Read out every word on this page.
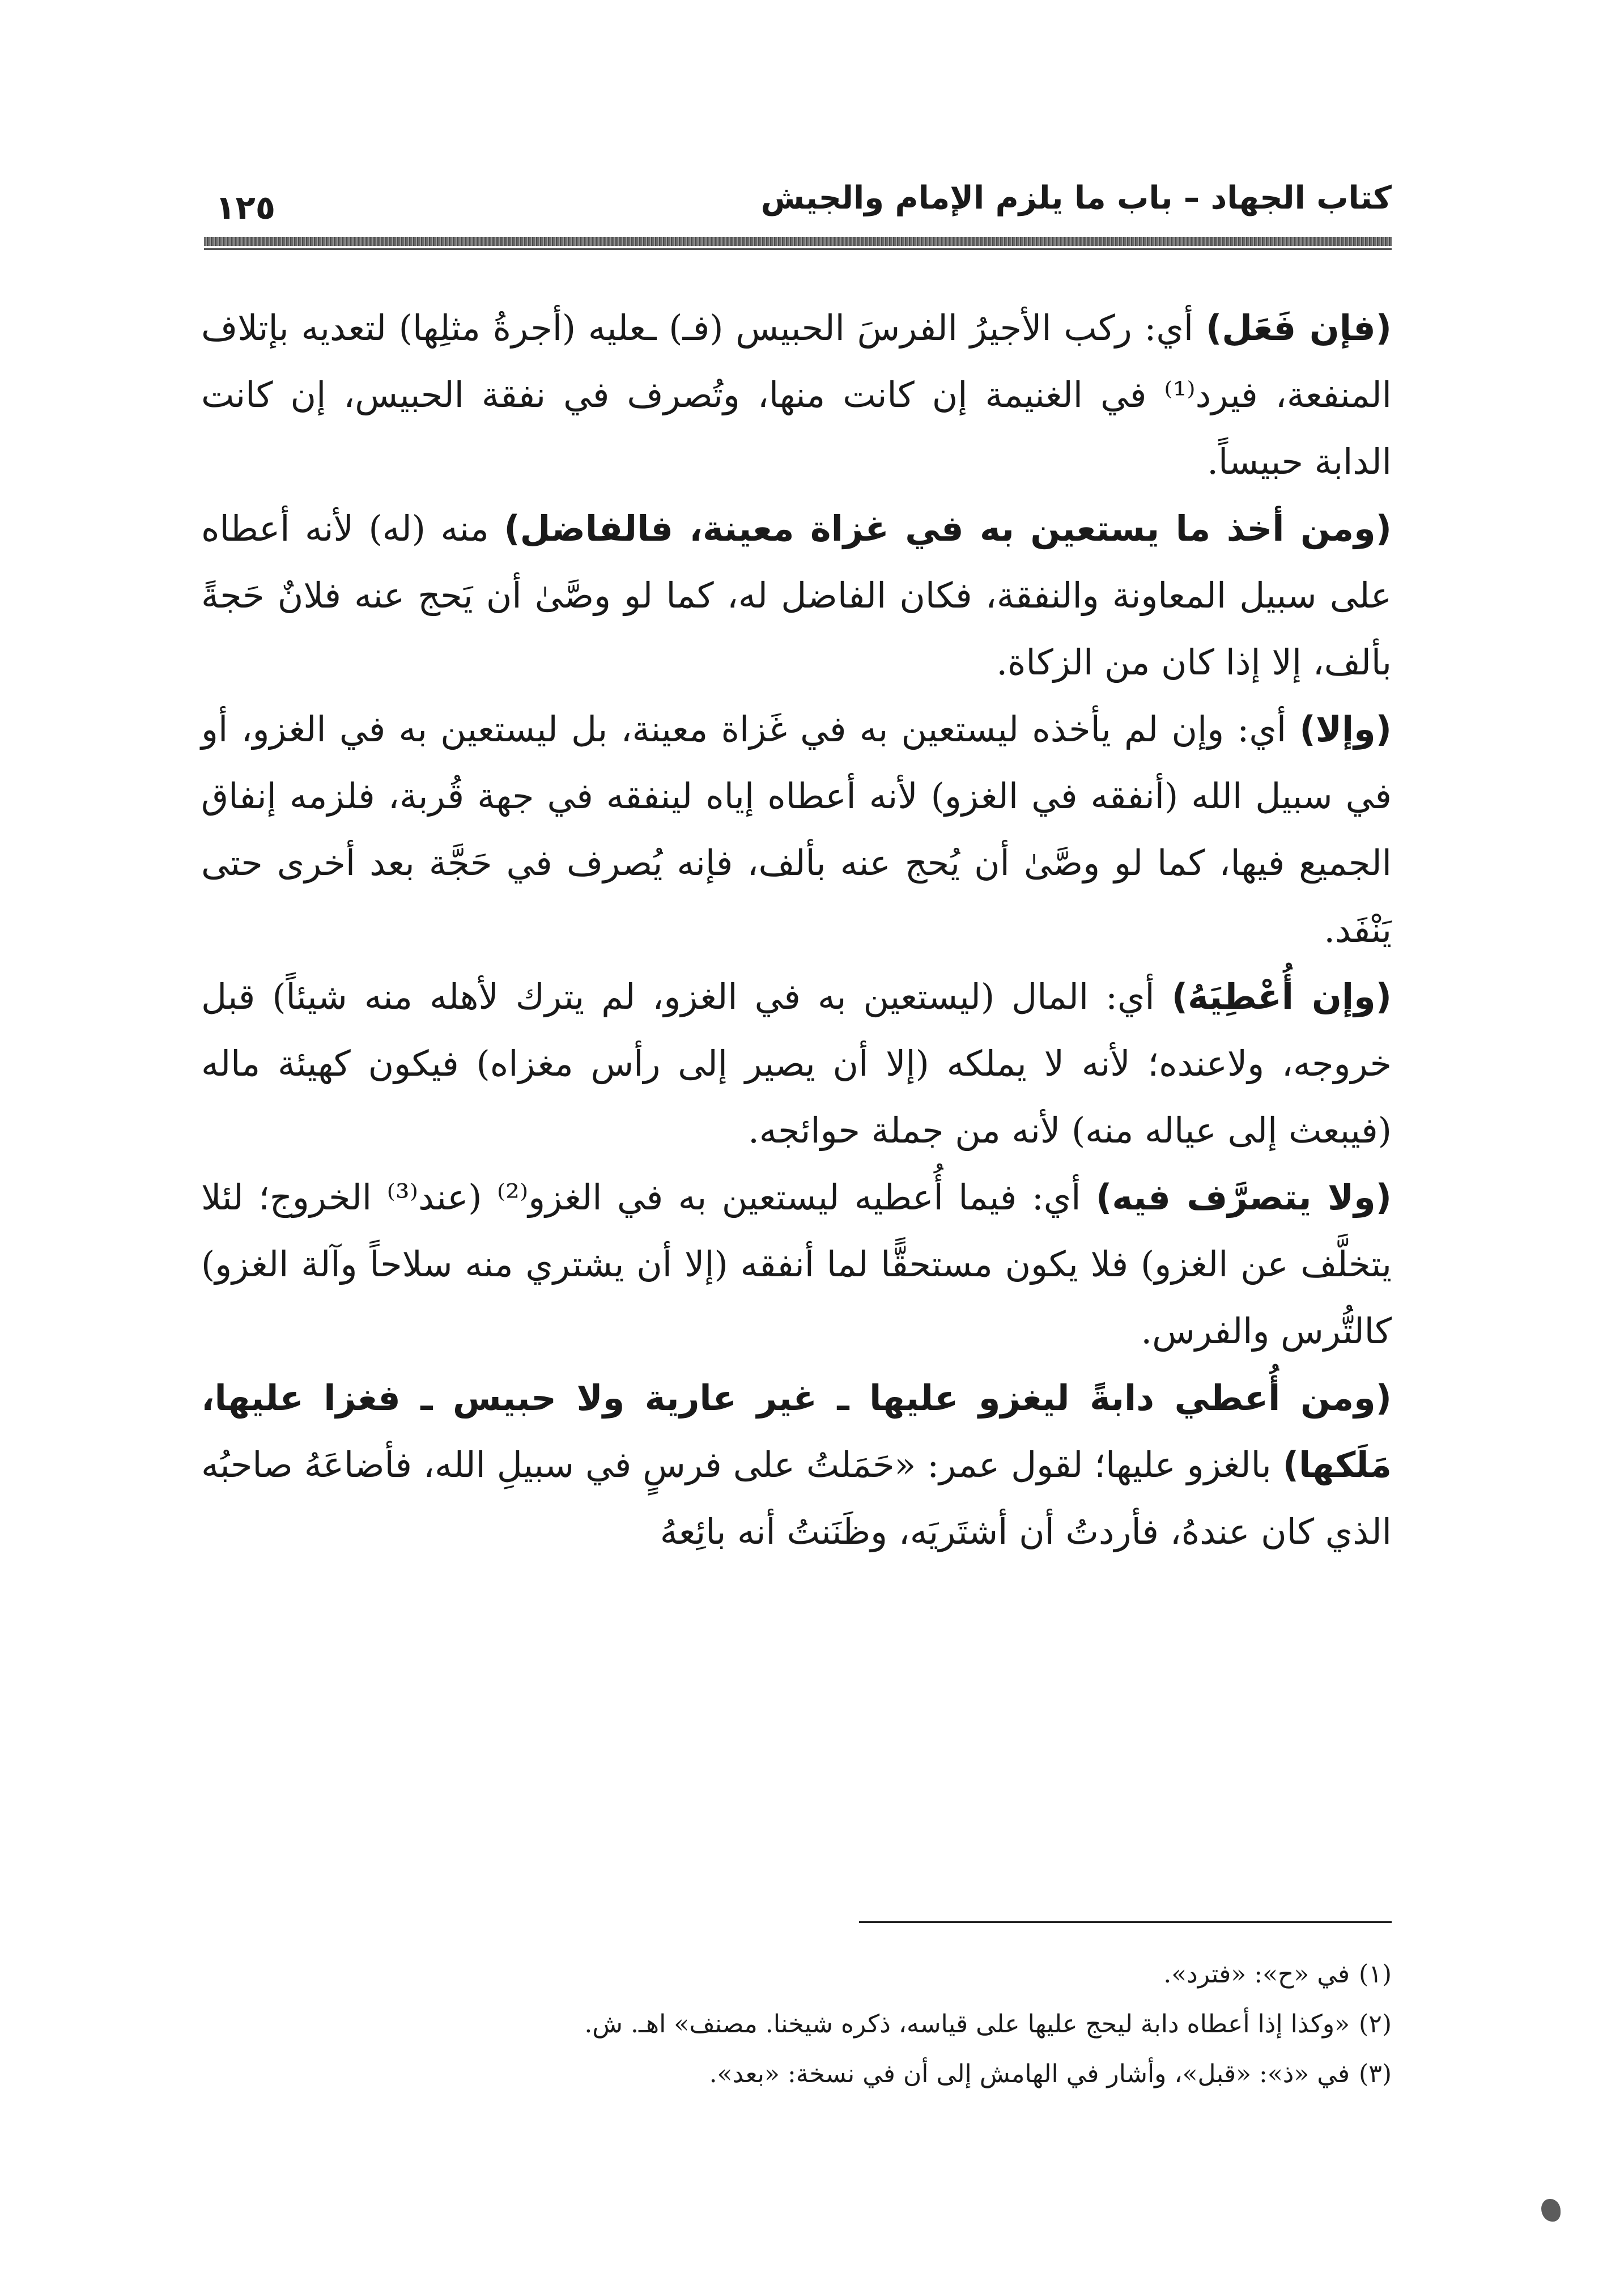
كتاب الجهاد – باب ما يلزم الإمام والجيش
١٢٥

(فإن فَعَل) أي: ركب الأجيرُ الفرسَ الحبيس (فـ) ـعليه (أجرةُ مثلِها) لتعديه بإتلاف المنفعة، فيرد⁽¹⁾ في الغنيمة إن كانت منها، وتُصرف في نفقة الحبيس، إن كانت الدابة حبيساً.

(ومن أخذ ما يستعين به في غزاة معينة، فالفاضل) منه (له) لأنه أعطاه على سبيل المعاونة والنفقة، فكان الفاضل له، كما لو وصَّىٰ أن يَحج عنه فلانٌ حَجةً بألف، إلا إذا كان من الزكاة.

(وإلا) أي: وإن لم يأخذه ليستعين به في غَزاة معينة، بل ليستعين به في الغزو، أو في سبيل الله (أنفقه في الغزو) لأنه أعطاه إياه لينفقه في جهة قُربة، فلزمه إنفاق الجميع فيها، كما لو وصَّىٰ أن يُحج عنه بألف، فإنه يُصرف في حَجَّة بعد أخرى حتى يَنْفَد.

(وإن أُعْطِيَهُ) أي: المال (ليستعين به في الغزو، لم يترك لأهله منه شيئاً) قبل خروجه، ولاعنده؛ لأنه لا يملكه (إلا أن يصير إلى رأس مغزاه) فيكون كهيئة ماله (فيبعث إلى عياله منه) لأنه من جملة حوائجه.

(ولا يتصرَّف فيه) أي: فيما أُعطيه ليستعين به في الغزو⁽²⁾ (عند⁽³⁾ الخروج؛ لئلا يتخلَّف عن الغزو) فلا يكون مستحقًّا لما أنفقه (إلا أن يشتري منه سلاحاً وآلة الغزو) كالتُّرس والفرس.

(ومن أُعطي دابةً ليغزو عليها ـ غير عارية ولا حبيس ـ فغزا عليها، مَلَكها) بالغزو عليها؛ لقول عمر: «حَمَلتُ على فرسٍ في سبيلِ الله، فأضاعَهُ صاحبُه الذي كان عندهُ، فأردتُ أن أشتَريَه، وظَنَنتُ أنه بائِعهُ

(١)في «ح»: «فترد».

(٢)«وكذا إذا أعطاه دابة ليحج عليها على قياسه، ذكره شيخنا. مصنف» اهـ. ش.

(٣)في «ذ»: «قبل»، وأشار في الهامش إلى أن في نسخة: «بعد».
